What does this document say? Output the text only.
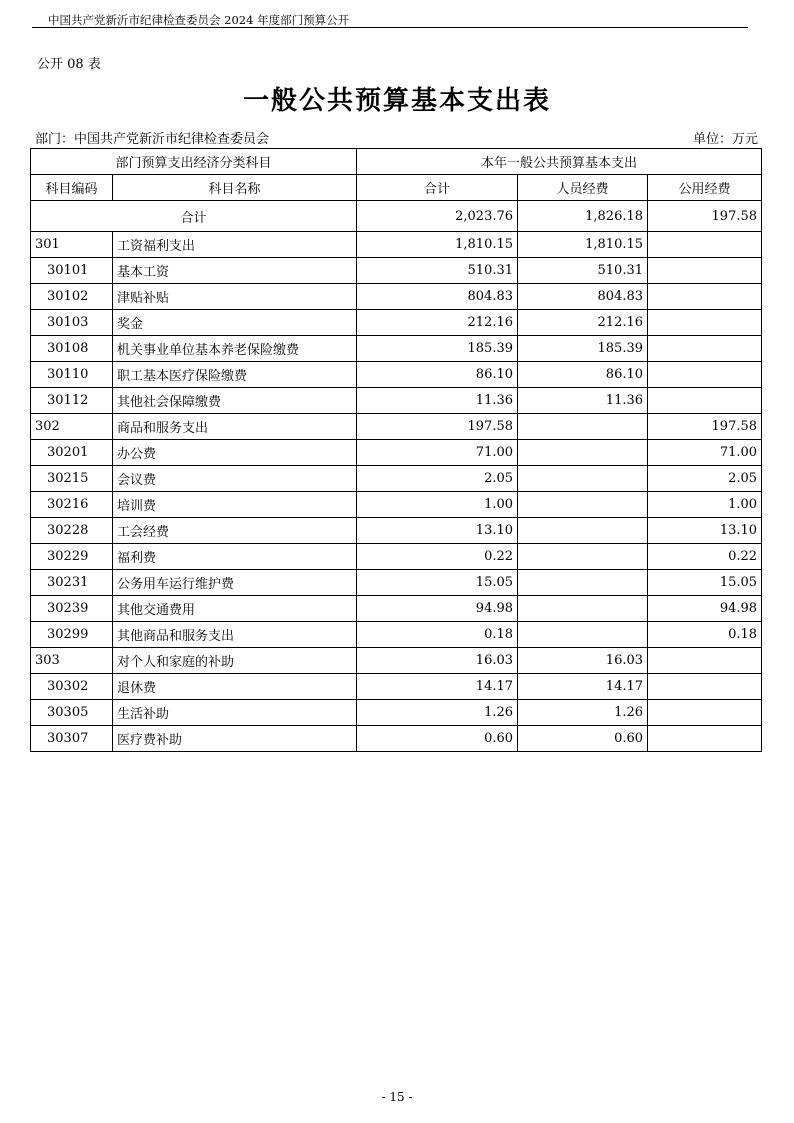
中国共产党新沂市纪律检查委员会 2024 年度部门预算公开
公开 08 表
一般公共预算基本支出表
部门：中国共产党新沂市纪律检查委员会	单位：万元
部门预算支出经济分类科目		本年一般公共预算基本支出		
科目编码	科目名称	合计	人员经费	公用经费
合计		2,023.76	1,826.18	197.58
301	工资福利支出	1,810.15	1,810.15	
30101	基本工资	510.31	510.31	
30102	津贴补贴	804.83	804.83	
30103	奖金	212.16	212.16	
30108	机关事业单位基本养老保险缴费	185.39	185.39	
30110	职工基本医疗保险缴费	86.10	86.10	
30112	其他社会保障缴费	11.36	11.36	
302	商品和服务支出	197.58		197.58
30201	办公费	71.00		71.00
30215	会议费	2.05		2.05
30216	培训费	1.00		1.00
30228	工会经费	13.10		13.10
30229	福利费	0.22		0.22
30231	公务用车运行维护费	15.05		15.05
30239	其他交通费用	94.98		94.98
30299	其他商品和服务支出	0.18		0.18
303	对个人和家庭的补助	16.03	16.03	
30302	退休费	14.17	14.17	
30305	生活补助	1.26	1.26	
30307	医疗费补助	0.60	0.60	
- 15 -
